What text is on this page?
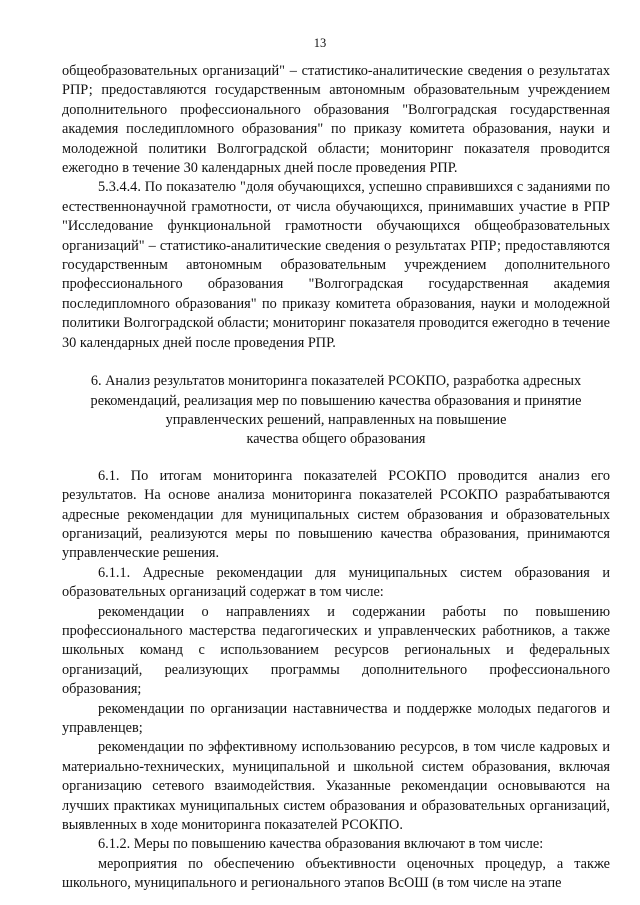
13

общеобразовательных организаций" – статистико-аналитические сведения о результатах РПР; предоставляются государственным автономным образовательным учреждением дополнительного профессионального образования "Волгоградская государственная академия последипломного образования" по приказу комитета образования, науки и молодежной политики Волгоградской области; мониторинг показателя проводится ежегодно в течение 30 календарных дней после проведения РПР.

5.3.4.4. По показателю "доля обучающихся, успешно справившихся с заданиями по естественнонаучной грамотности, от числа обучающихся, принимавших участие в РПР "Исследование функциональной грамотности обучающихся общеобразовательных организаций" – статистико-аналитические сведения о результатах РПР; предоставляются государственным автономным образовательным учреждением дополнительного профессионального образования "Волгоградская государственная академия последипломного образования" по приказу комитета образования, науки и молодежной политики Волгоградской области; мониторинг показателя проводится ежегодно в течение 30 календарных дней после проведения РПР.

6. Анализ результатов мониторинга показателей РСОКПО, разработка адресных
рекомендаций, реализация мер по повышению качества образования и принятие
управленческих решений, направленных на повышение
качества общего образования

6.1. По итогам мониторинга показателей РСОКПО проводится анализ его результатов. На основе анализа мониторинга показателей РСОКПО разрабатываются адресные рекомендации для муниципальных систем образования и образовательных организаций, реализуются меры по повышению качества образования, принимаются управленческие решения.

6.1.1. Адресные рекомендации для муниципальных систем образования и образовательных организаций содержат в том числе:

рекомендации о направлениях и содержании работы по повышению профессионального мастерства педагогических и управленческих работников, а также школьных команд с использованием ресурсов региональных и федеральных организаций, реализующих программы дополнительного профессионального образования;

рекомендации по организации наставничества и поддержке молодых педагогов и управленцев;

рекомендации по эффективному использованию ресурсов, в том числе кадровых и материально-технических, муниципальной и школьной систем образования, включая организацию сетевого взаимодействия. Указанные рекомендации основываются на лучших практиках муниципальных систем образования и образовательных организаций, выявленных в ходе мониторинга показателей РСОКПО.

6.1.2. Меры по повышению качества образования включают в том числе:

мероприятия по обеспечению объективности оценочных процедур, а также школьного, муниципального и регионального этапов ВсОШ (в том числе на этапе
